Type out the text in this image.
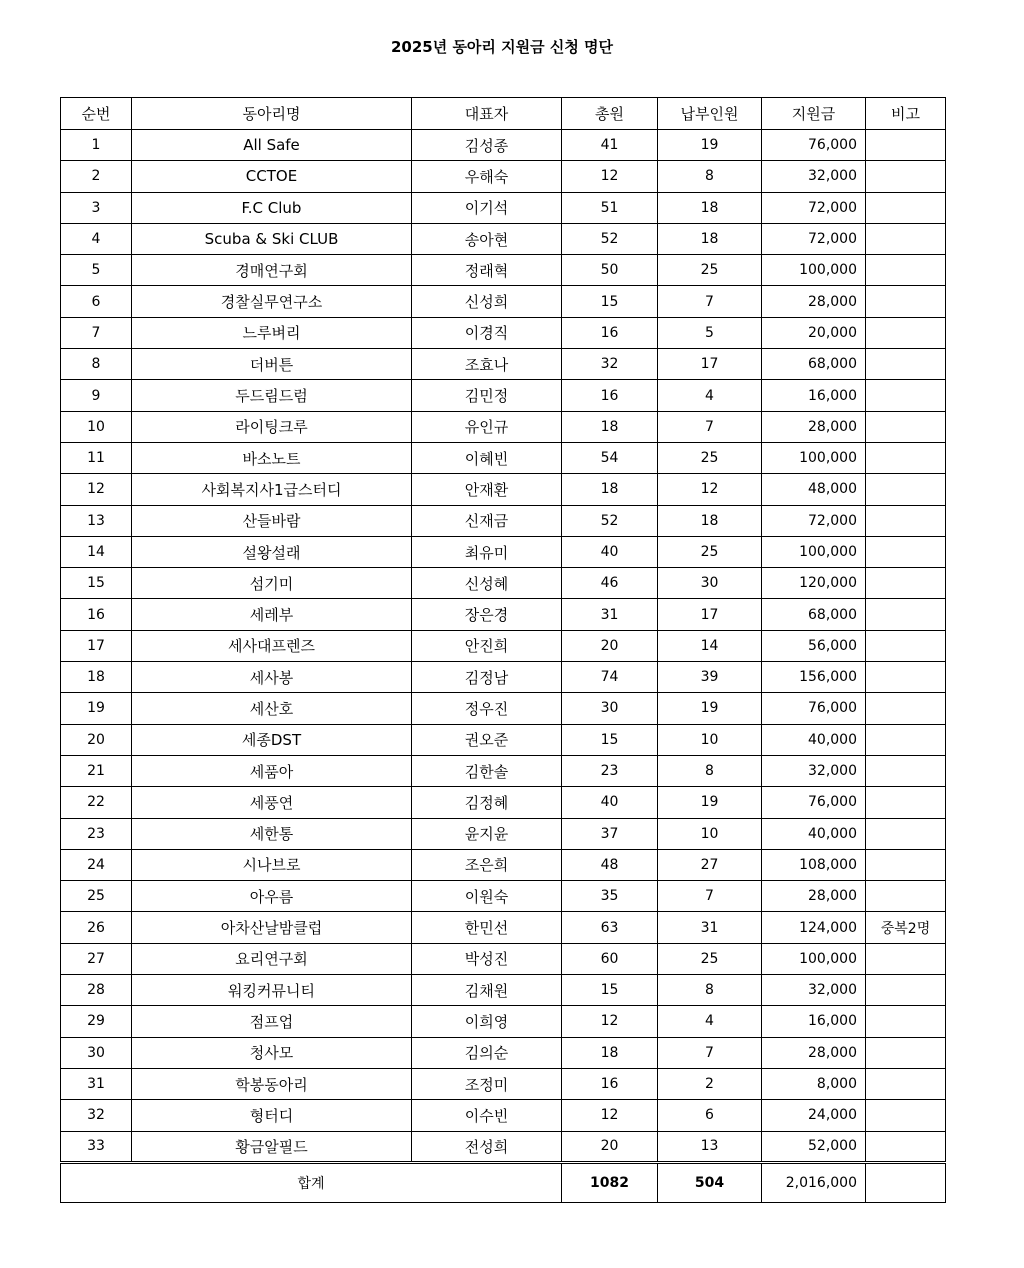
2025년 동아리 지원금 신청 명단
순번	동아리명	대표자	총원	납부인원	지원금	비고
1	All Safe	김성종	41	19	76,000	
2	CCTOE	우해숙	12	8	32,000	
3	F.C Club	이기석	51	18	72,000	
4	Scuba & Ski CLUB	송아현	52	18	72,000	
5	경매연구회	정래혁	50	25	100,000	
6	경찰실무연구소	신성희	15	7	28,000	
7	느루벼리	이경직	16	5	20,000	
8	더버튼	조효나	32	17	68,000	
9	두드림드럼	김민정	16	4	16,000	
10	라이팅크루	유인규	18	7	28,000	
11	바소노트	이혜빈	54	25	100,000	
12	사회복지사1급스터디	안재환	18	12	48,000	
13	산들바람	신재금	52	18	72,000	
14	설왕설래	최유미	40	25	100,000	
15	섬기미	신성혜	46	30	120,000	
16	세레부	장은경	31	17	68,000	
17	세사대프렌즈	안진희	20	14	56,000	
18	세사봉	김정남	74	39	156,000	
19	세산호	정우진	30	19	76,000	
20	세종DST	권오준	15	10	40,000	
21	세품아	김한솔	23	8	32,000	
22	세풍연	김정혜	40	19	76,000	
23	세한통	윤지윤	37	10	40,000	
24	시나브로	조은희	48	27	108,000	
25	아우름	이원숙	35	7	28,000	
26	아차산날밤클럽	한민선	63	31	124,000	중복2명
27	요리연구회	박성진	60	25	100,000	
28	워킹커뮤니티	김채원	15	8	32,000	
29	점프업	이희영	12	4	16,000	
30	청사모	김의순	18	7	28,000	
31	학봉동아리	조정미	16	2	8,000	
32	형터디	이수빈	12	6	24,000	
33	황금알필드	전성희	20	13	52,000	
합계			1082	504	2,016,000	
